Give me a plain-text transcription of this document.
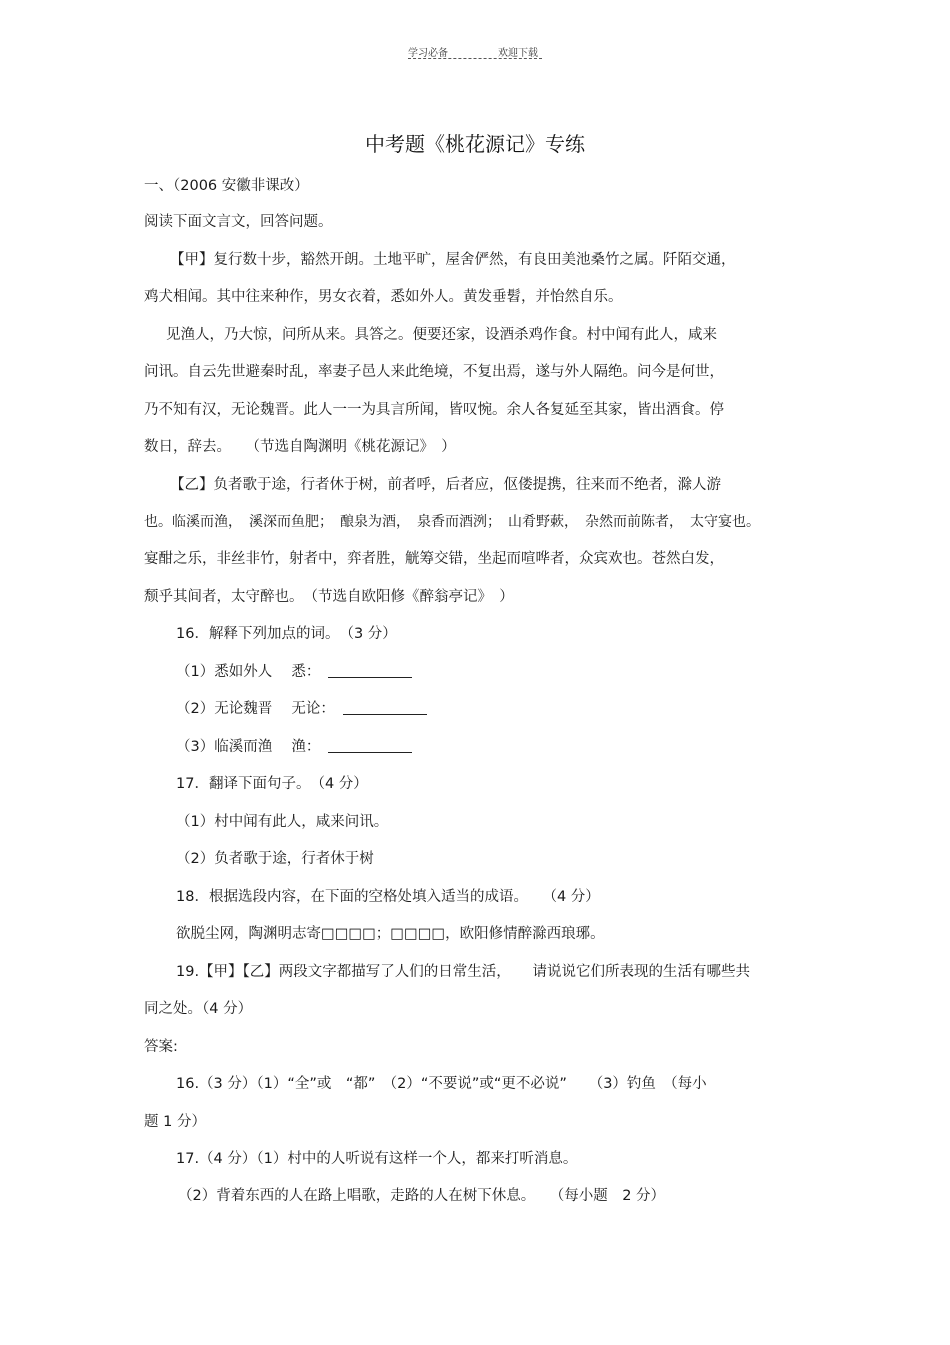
学习必备	欢迎下载
中考题《桃花源记》专练
一、（2006 安徽非课改）
阅读下面文言文，回答问题。
【甲】复行数十步，豁然开朗。土地平旷，屋舍俨然，有良田美池桑竹之属。阡陌交通，
鸡犬相闻。其中往来种作，男女衣着，悉如外人。黄发垂髫，并怡然自乐。
见渔人，乃大惊，问所从来。具答之。便要还家，设酒杀鸡作食。村中闻有此人，咸来
问讯。自云先世避秦时乱，率妻子邑人来此绝境，不复出焉，遂与外人隔绝。问今是何世，
乃不知有汉，无论魏晋。此人一一为具言所闻，皆叹惋。余人各复延至其家，皆出酒食。停
数日，辞去。　　（节选自陶渊明《桃花源记》　）
【乙】负者歌于途，行者休于树，前者呼，后者应，伛偻提携，往来而不绝者，滁人游
也。临溪而渔，　溪深而鱼肥；　酿泉为酒，　泉香而酒洌；　山肴野蔌，　杂然而前陈者，　太守宴也。
宴酣之乐，非丝非竹，射者中，弈者胜，觥筹交错，坐起而喧哗者，众宾欢也。苍然白发，
颓乎其间者，太守醉也。　（节选自欧阳修《醉翁亭记》　）
16．解释下列加点的词。　（3 分）
（1）悉如外人　 悉：
（2）无论魏晋　 无论：
（3）临溪而渔　 渔：
17．翻译下面句子。　（4 分）
（1）村中闻有此人，咸来问讯。
（2）负者歌于途，行者休于树
18．根据选段内容，在下面的空格处填入适当的成语。　　（4 分）
欲脱尘网，陶渊明志寄□□□□；□□□□，欧阳修情醉滁西琅琊。
19.【甲】【乙】两段文字都描写了人们的日常生活，　　请说说它们所表现的生活有哪些共
同之处。（4 分）
答案:
16.（3 分）（1）“全”或　“都”　（2）“不要说”或“更不必说”　　（3）钓鱼　（每小
题 1 分）
17.（4 分）（1）村中的人听说有这样一个人，都来打听消息。
（2）背着东西的人在路上唱歌，走路的人在树下休息。　　（每小题　2 分）
